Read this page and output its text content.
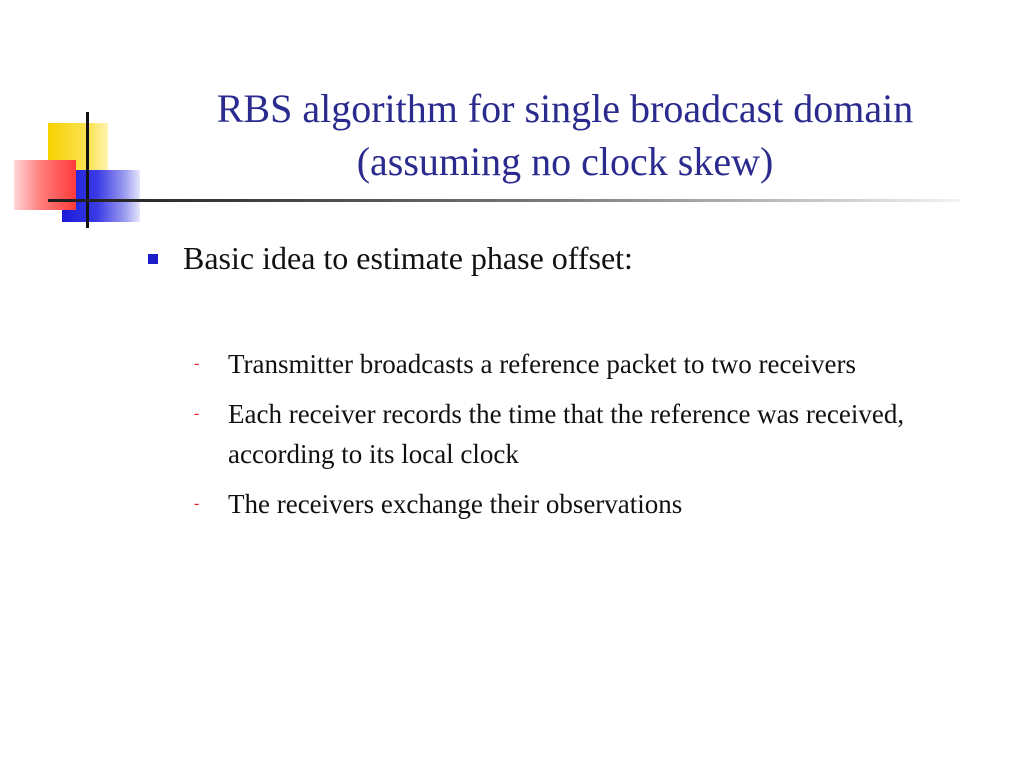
RBS algorithm for single broadcast domain
(assuming no clock skew)
Basic idea to estimate phase offset:
- Transmitter broadcasts a reference packet to two receivers
- Each receiver records the time that the reference was received, according to its local clock
- The receivers exchange their observations
